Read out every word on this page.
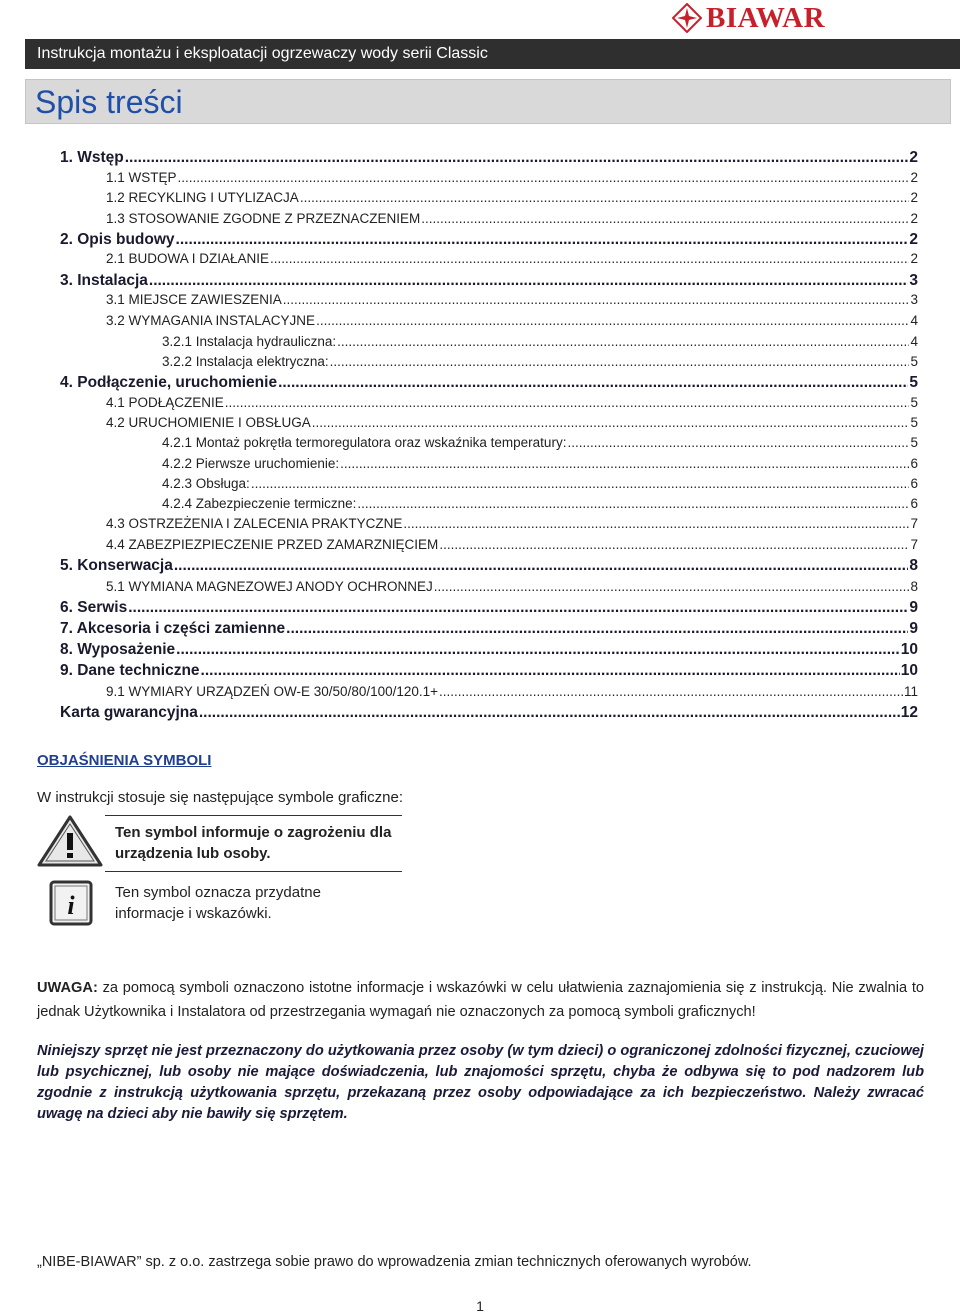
BIAWAR
Instrukcja montażu i eksploatacji ogrzewaczy wody serii Classic
Spis treści
1. Wstęp .....	2
1.1 WSTĘP .....	2
1.2 RECYKLING I UTYLIZACJA .....	2
1.3 STOSOWANIE ZGODNE Z PRZEZNACZENIEM .....	2
2. Opis budowy .....	2
2.1 BUDOWA I DZIAŁANIE .....	2
3. Instalacja .....	3
3.1 MIEJSCE ZAWIESZENIA .....	3
3.2 WYMAGANIA INSTALACYJNE .....	4
3.2.1 Instalacja hydrauliczna: .....	4
3.2.2 Instalacja elektryczna: .....	5
4. Podłączenie, uruchomienie .....	5
4.1 PODŁĄCZENIE .....	5
4.2 URUCHOMIENIE I OBSŁUGA .....	5
4.2.1 Montaż pokrętła termoregulatora oraz wskaźnika temperatury: .....	5
4.2.2 Pierwsze uruchomienie: .....	6
4.2.3 Obsługa: .....	6
4.2.4 Zabezpieczenie termiczne: .....	6
4.3 OSTRZEŻENIA I ZALECENIA PRAKTYCZNE .....	7
4.4 ZABEZPIEZPIECZENIE PRZED ZAMARZNIĘCIEM .....	7
5. Konserwacja .....	8
5.1 WYMIANA MAGNEZOWEJ ANODY OCHRONNEJ .....	8
6. Serwis .....	9
7. Akcesoria i części zamienne .....	9
8. Wyposażenie .....	10
9. Dane techniczne .....	10
9.1 WYMIARY URZĄDZEŃ OW-E 30/50/80/100/120.1+ .....	11
Karta gwarancyjna .....	12
OBJAŚNIENIA SYMBOLI
W instrukcji stosuje się następujące symbole graficzne:
Ten symbol informuje o zagrożeniu dla urządzenia lub osoby.
i	Ten symbol oznacza przydatne informacje i wskazówki.
UWAGA: za pomocą symboli oznaczono istotne informacje i wskazówki w celu ułatwienia zaznajomienia się z instrukcją. Nie zwalnia to jednak Użytkownika i Instalatora od przestrzegania wymagań nie oznaczonych za pomocą symboli graficznych!
Niniejszy sprzęt nie jest przeznaczony do użytkowania przez osoby (w tym dzieci) o ograniczonej zdolności fizycznej, czuciowej lub psychicznej, lub osoby nie mające doświadczenia, lub znajomości sprzętu, chyba że odbywa się to pod nadzorem lub zgodnie z instrukcją użytkowania sprzętu, przekazaną przez osoby odpowiadające za ich bezpieczeństwo. Należy zwracać uwagę na dzieci aby nie bawiły się sprzętem.
„NIBE-BIAWAR” sp. z o.o. zastrzega sobie prawo do wprowadzenia zmian technicznych oferowanych wyrobów.
1
